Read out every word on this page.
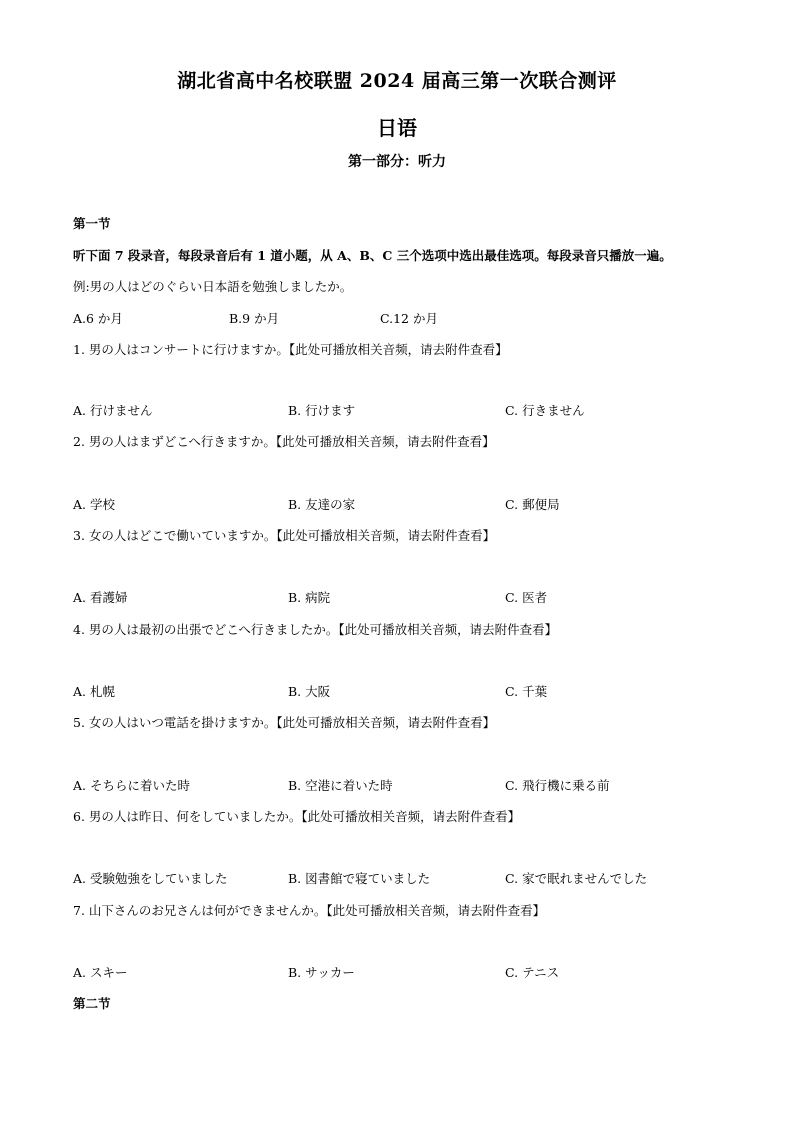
湖北省高中名校联盟 2024 届高三第一次联合测评
日语
第一部分：听力
第一节
听下面 7 段录音，每段录音后有 1 道小题，从 A、B、C 三个选项中选出最佳选项。每段录音只播放一遍。
例:男の人はどのぐらい日本語を勉強しましたか。
A.6 か月	B.9 か月	C.12 か月
1. 男の人はコンサートに行けますか。【此处可播放相关音频，请去附件查看】
A. 行けません	B. 行けます	C. 行きません
2. 男の人はまずどこへ行きますか。【此处可播放相关音频，请去附件查看】
A. 学校	B. 友達の家	C. 郵便局
3. 女の人はどこで働いていますか。【此处可播放相关音频，请去附件查看】
A. 看護婦	B. 病院	C. 医者
4. 男の人は最初の出張でどこへ行きましたか。【此处可播放相关音频，请去附件查看】
A. 札幌	B. 大阪	C. 千葉
5. 女の人はいつ電話を掛けますか。【此处可播放相关音频，请去附件查看】
A. そちらに着いた時	B. 空港に着いた時	C. 飛行機に乗る前
6. 男の人は昨日、何をしていましたか。【此处可播放相关音频，请去附件查看】
A. 受験勉強をしていました	B. 図書館で寝ていました	C. 家で眠れませんでした
7. 山下さんのお兄さんは何ができませんか。【此处可播放相关音频，请去附件查看】
A. スキー	B. サッカー	C. テニス
第二节
